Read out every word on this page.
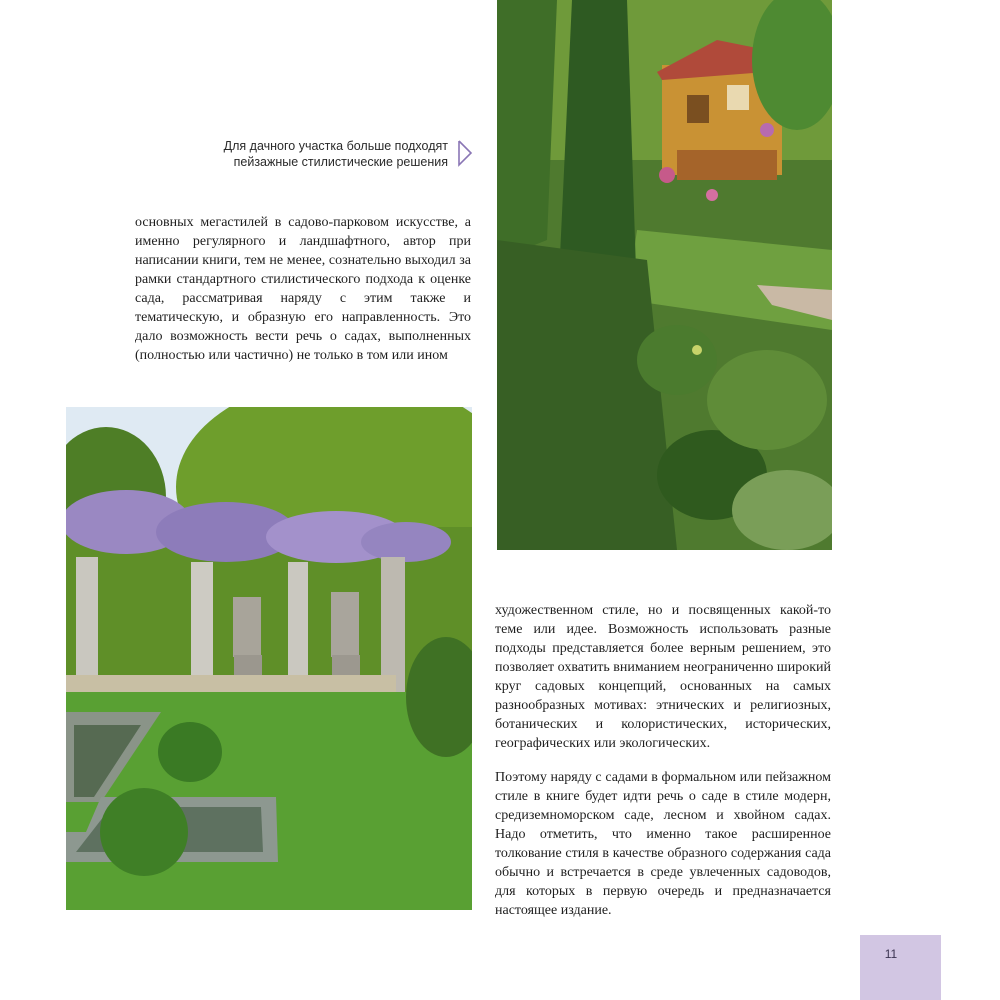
Для дачного участка больше подходят
пейзажные стилистические решения

основных мегастилей в садово-парковом искусстве, а именно регулярного и ландшафтного, автор при написании книги, тем не менее, сознательно выходил за рамки стандартного стилистического подхода к оценке сада, рассматривая наряду с этим также и тематическую, и образную его направленность. Это дало возможность вести речь о садах, выполненных (полностью или частично) не только в том или ином

художественном стиле, но и посвященных какой-то теме или идее. Возможность использовать разные подходы представляется более верным решением, это позволяет охватить вниманием неограниченно широкий круг садовых концепций, основанных на самых разнообразных мотивах: этнических и религиозных, ботанических и колористических, исторических, географических или экологических.

Поэтому наряду с садами в формальном или пейзажном стиле в книге будет идти речь о саде в стиле модерн, средиземноморском саде, лесном и хвойном садах. Надо отметить, что именно такое расширенное толкование стиля в качестве образного содержания сада обычно и встречается в среде увлеченных садоводов, для которых в первую очередь и предназначается настоящее издание.

11
